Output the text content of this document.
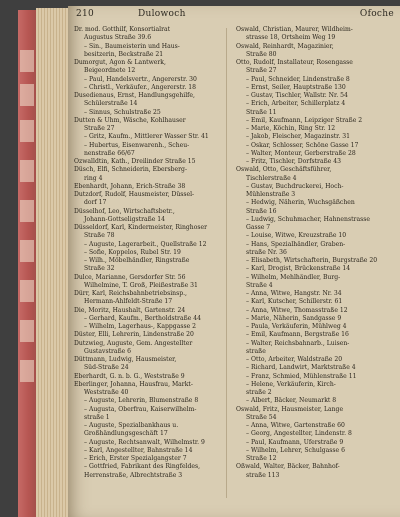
210	Dulowoch	Ofoche
Dr. mod. Gotthilf, Konsortialrat
Augustus Straße 39.6
– Sin., Baumeisterin und Haus-
besitzerin, Beckstraße 21
Dumorgut, Ägon & Lantwerk,
Beigeordnete 12
– Paul, Handelsvertr., Angererstr. 30
– Christl., Verkäufer., Angererstr. 18
Dusedienaus, Ernst, Handlungsgehilfe,
Schülerstraße 14
– Sinnus, Schulstraße 25
Dutten & Ühm, Wäsche, Kohlhauser
Straße 27
– Gritz, Kaufm., Mittlerer Wasser Str. 41
– Hubertus, Eisenwarenh., Scheu-
nenstraße 66/67
Ozwalldtin, Kath., Dreilinder Straße 15
Düsch, Elfi, Schneiderin, Ebersberg-
ring 4
Ebenhardt, Johann, Erich-Straße 38
Dutzdorf, Rudolf, Hausmeister, Düssel-
dorf 17
Düsselhof, Leo, Wirtschaftsbetr.,
Johann-Gottseligstraße 14
Düsseldorf, Karl, Kindermeister, Ringhoser
Straße 78
– Auguste, Lagerarbeit., Quellstraße 12
– Sofie, Koppelos, Rubel Str. 19
– Wilh., Möbelhändler, Ringstraße
Straße 32
Dulce, Marianne, Gersdorfer Str. 56
Wilhelmine, T. Groß, Pleißestraße 31
Dürr, Karl, Reichsbahnbetriebsinsp.,
Hermann-Ahlfeldt-Straße 17
Die, Moritz, Haushalt, Gartenstr. 24
– Gerhard, Kaufm., Bertholdstraße 44
– Wilhelm, Lagerhaus-, Kappgasse 2
Düster, Elli, Lehrerin, Lindenstraße 20
Dutzwieg, Auguste, Gem. Angestellter
Gustavstraße 6
Düttmann, Ludwig, Hausmeister,
Süd-Straße 24
Eberhardt, G. n. b. G., Weststraße 9
Eberlinger, Johanna, Hausfrau, Markt-
Weststraße 40
– Auguste, Lehrerin, Blumenstraße 8
– Augusta, Oberfrau, Kaiserwilhelm-
straße 1
– Auguste, Spezialbankhaus u.
Großhändlungsgeschäft 17
– Auguste, Rechtsanwalt, Wilhelmstr. 9
– Karl, Angestellter, Bahnstraße 14
– Erich, Erster Spezialgangster 7
– Gottfried, Fabrikant des Ringfeldes,
Herrenstraße, Albrechtstraße 3
Oswald, Christian, Maurer, Wildheim-
strasse 18, Ortsheim Weg 19
Oswald, Reinhardt, Magazinier,
Straße 80
Otto, Rudolf, Installateur, Rosengasse
Straße 27
– Paul, Schneider, Lindenstraße 8
– Ernst, Seiler, Hauptstraße 130
– Gustav, Tischler, Wallstr. Nr. 54
– Erich, Arbeiter, Schillerplatz 4
Straße 11
– Emil, Kaufmann, Leipziger Straße 2
– Marie, Köchin, Ring Str. 12
– Jakob, Fleischer, Magazinstr. 31
– Oskar, Schlosser, Schöne Gasse 17
– Walter, Monteur, Gerberstraße 28
– Fritz, Tischler, Dorfstraße 43
Oswald, Otto, Geschäftsführer,
Tischlerstraße 4
– Gustav, Buchdruckerei, Hoch-
Mühlenstraße 3
– Hedwig, Näherin, Wuchsgäßchen
Straße 16
– Ludwig, Schuhmacher, Hahnenstrasse
Gasse 7
– Louise, Witwe, Kreuzstraße 10
– Hans, Spezialhändler, Graben-
straße Nr. 36
– Elisabeth, Wirtschafterin, Burgstraße 20
– Karl, Drogist, Brückenstraße 14
– Wilhelm, Mehlhändler, Burg-
Straße 4
– Anna, Witwe, Hangstr. Nr. 34
– Karl, Kutscher, Schillerstr. 61
– Anna, Witwe, Thomasstraße 12
– Marie, Näherin, Sandgasse 9
– Paula, Verkäuferin, Mühlweg 4
– Emil, Kaufmann, Bergstraße 16
– Walter, Reichsbahnarb., Luisen-
straße
– Otto, Arbeiter, Waldstraße 20
– Richard, Landwirt, Marktstraße 4
– Franz, Schmied, Mühlenstraße 11
– Helene, Verkäuferin, Kirch-
straße 2
– Albert, Bäcker, Neumarkt 8
Oswald, Fritz, Hausmeister, Lange
Straße 54
– Anna, Witwe, Gartenstraße 60
– Georg, Angestellter, Lindenstr. 8
– Paul, Kaufmann, Uferstraße 9
– Wilhelm, Lehrer, Schulgasse 6
Straße 12
Oßwald, Walter, Bäcker, Bahnhof-
straße 113
